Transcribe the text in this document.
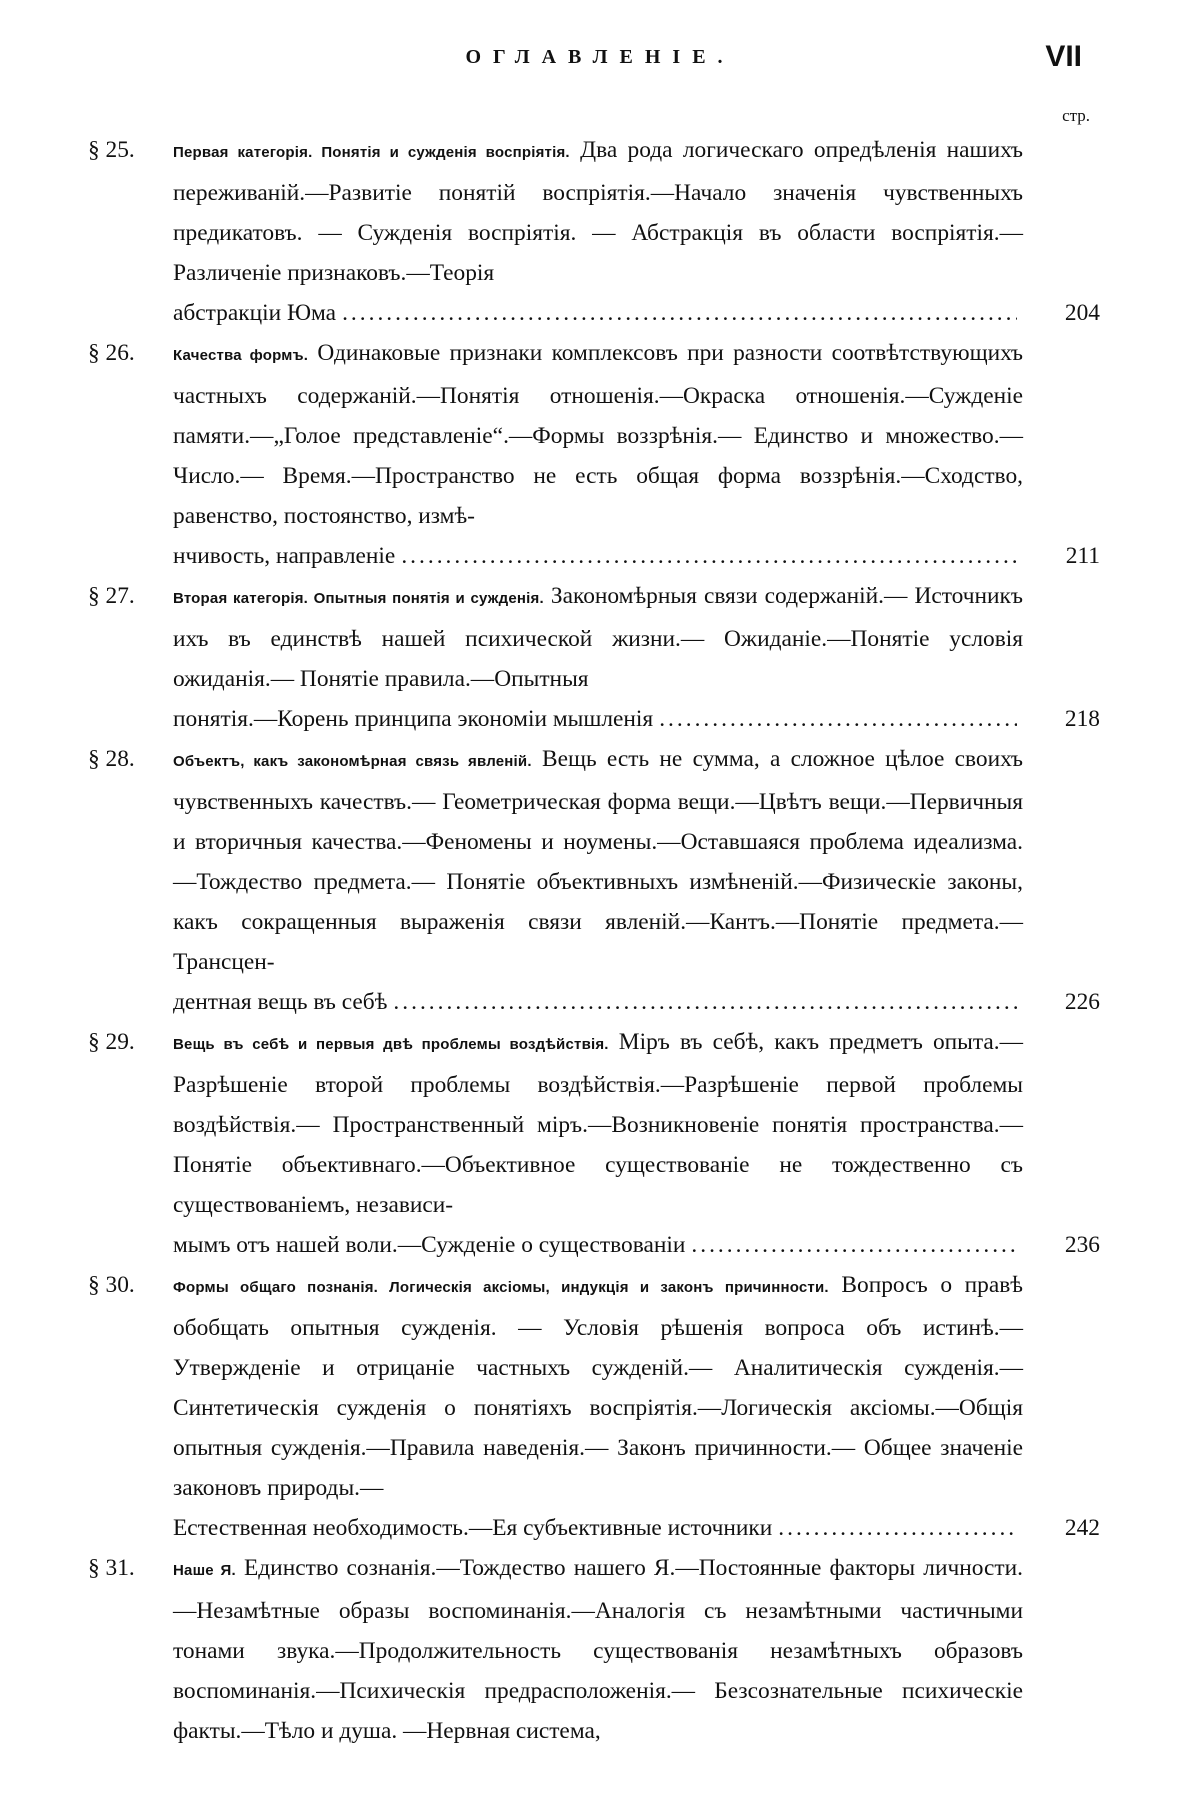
ОГЛАВЛЕНІЕ.	VII
стр.
§ 25.	Первая категорія. Понятія и сужденія воспріятія. Два рода логическаго опредѣленія нашихъ переживаній.—Развитіе понятій воспріятія.—Начало значенія чувственныхъ предикатовъ. — Сужденія воспріятія. — Абстракція въ области воспріятія.—Различеніе признаковъ.—Теорія
абстракціи Юма .....	204
§ 26.	Качества формъ. Одинаковые признаки комплексовъ при разности соотвѣтствующихъ частныхъ содержаній.—Понятія отношенія.—Окраска отношенія.—Сужденіе памяти.—„Голое представленіе“.—Формы воззрѣнія.— Единство и множество.— Число.— Время.—Пространство не есть общая форма воззрѣнія.—Сходство, равенство, постоянство, измѣ-
нчивость, направленіе .....	211
§ 27.	Вторая категорія. Опытныя понятія и сужденія. Закономѣрныя связи содержаній.— Источникъ ихъ въ единствѣ нашей психической жизни.— Ожиданіе.—Понятіе условія ожиданія.— Понятіе правила.—Опытныя
понятія.—Корень принципа экономіи мышленія .....	218
§ 28.	Объектъ, какъ закономѣрная связь явленій. Вещь есть не сумма, а сложное цѣлое своихъ чувственныхъ качествъ.— Геометрическая форма вещи.—Цвѣтъ вещи.—Первичныя и вторичныя качества.—Феномены и ноумены.—Оставшаяся проблема идеализма.—Тождество предмета.— Понятіе объективныхъ измѣненій.—Физическіе законы, какъ сокращенныя выраженія связи явленій.—Кантъ.—Понятіе предмета.—Трансцен-
дентная вещь въ себѣ .....	226
§ 29.	Вещь въ себѣ и первыя двѣ проблемы воздѣйствія. Міръ въ себѣ, какъ предметъ опыта.— Разрѣшеніе второй проблемы воздѣйствія.—Разрѣшеніе первой проблемы воздѣйствія.— Пространственный міръ.—Возникновеніе понятія пространства.—Понятіе объективнаго.—Объективное существованіе не тождественно съ существованіемъ, независи-
мымъ отъ нашей воли.—Сужденіе о существованіи .....	236
§ 30.	Формы общаго познанія. Логическія аксіомы, индукція и законъ причинности. Вопросъ о правѣ обобщать опытныя сужденія. — Условія рѣшенія вопроса объ истинѣ.—Утвержденіе и отрицаніе частныхъ сужденій.— Аналитическія сужденія.—Синтетическія сужденія о понятіяхъ воспріятія.—Логическія аксіомы.—Общія опытныя сужденія.—Правила наведенія.— Законъ причинности.— Общее значеніе законовъ природы.—
Естественная необходимость.—Ея субъективные источники .....	242
§ 31.	Наше Я. Единство сознанія.—Тождество нашего Я.—Постоянные факторы личности.—Незамѣтные образы воспоминанія.—Аналогія съ незамѣтными частичными тонами звука.—Продолжительность существованія незамѣтныхъ образовъ воспоминанія.—Психическія предрасположенія.— Безсознательные психическіе факты.—Тѣло и душа. —Нервная система,
